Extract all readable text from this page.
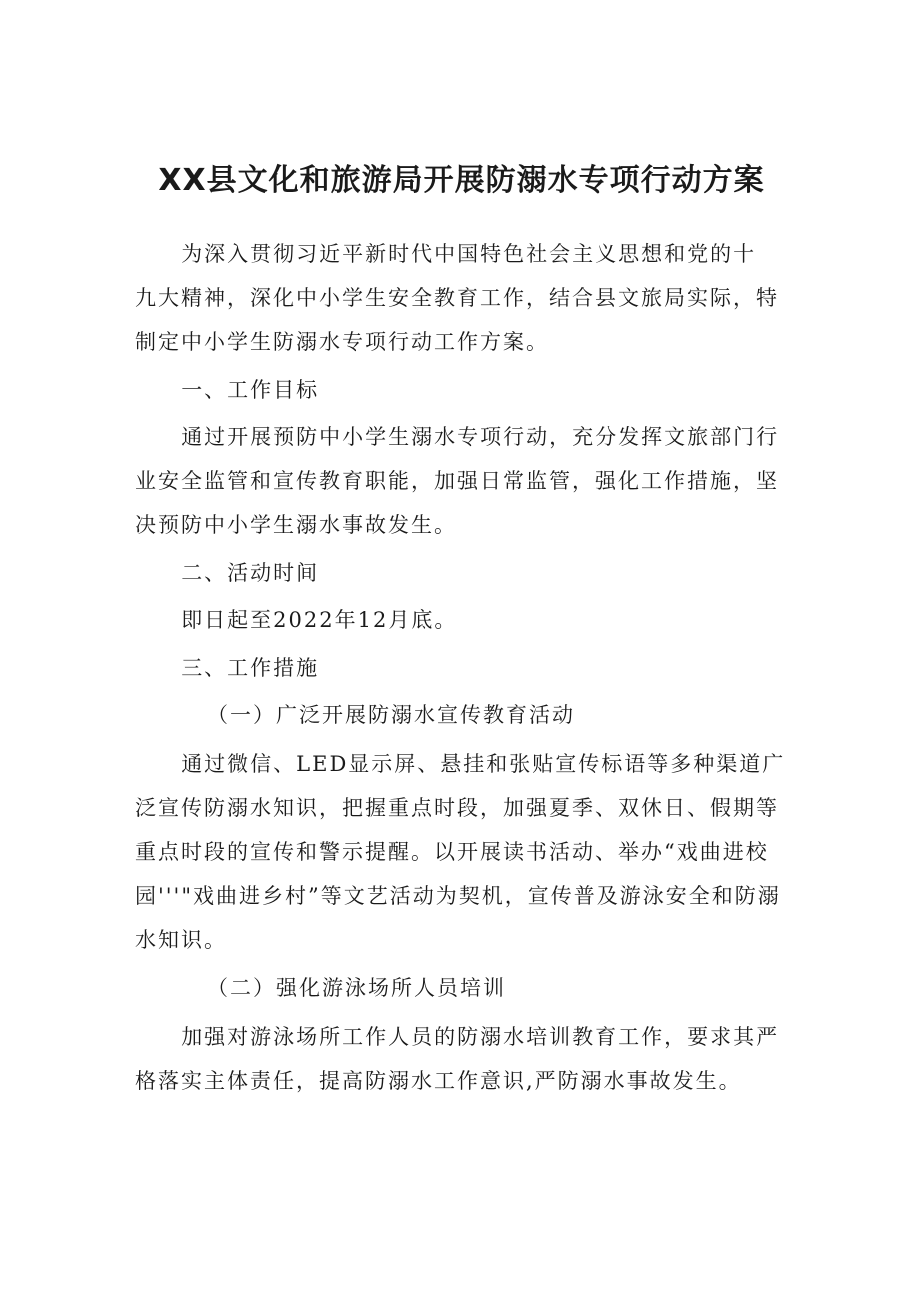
XX县文化和旅游局开展防溺水专项行动方案

为深入贯彻习近平新时代中国特色社会主义思想和党的十
九大精神，深化中小学生安全教育工作，结合县文旅局实际，特
制定中小学生防溺水专项行动工作方案。

一、工作目标

通过开展预防中小学生溺水专项行动，充分发挥文旅部门行
业安全监管和宣传教育职能，加强日常监管，强化工作措施，坚
决预防中小学生溺水事故发生。

二、活动时间

即日起至2022年12月底。

三、工作措施

（一）广泛开展防溺水宣传教育活动

通过微信、LED显示屏、悬挂和张贴宣传标语等多种渠道广
泛宣传防溺水知识，把握重点时段，加强夏季、双休日、假期等
重点时段的宣传和警示提醒。以开展读书活动、举办“戏曲进校
园'''"戏曲进乡村”等文艺活动为契机，宣传普及游泳安全和防溺
水知识。

（二）强化游泳场所人员培训

加强对游泳场所工作人员的防溺水培训教育工作，要求其严
格落实主体责任，提高防溺水工作意识,严防溺水事故发生。
